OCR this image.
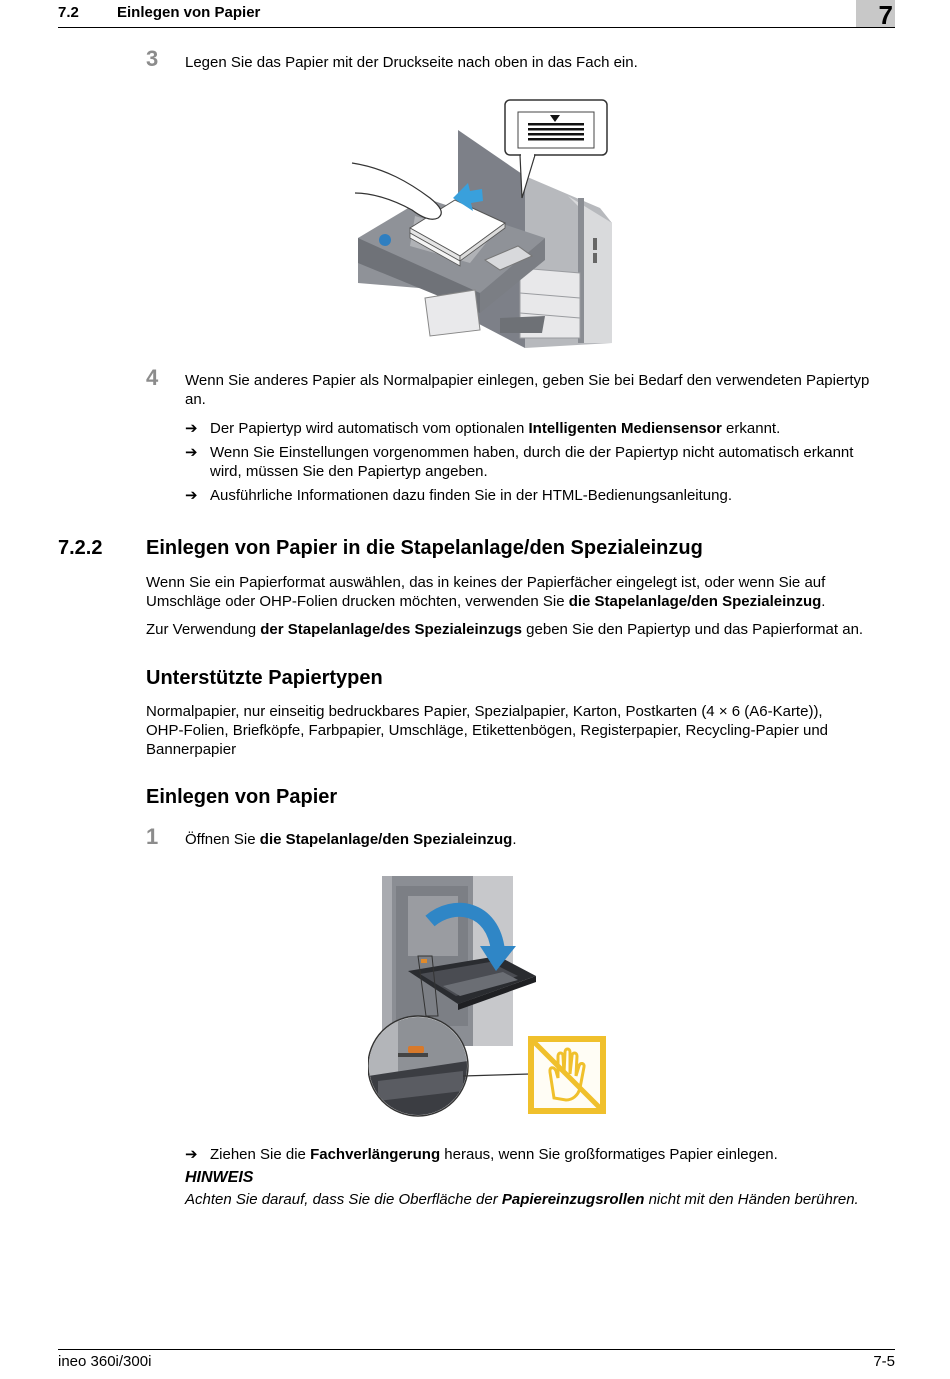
7.2	Einlegen von Papier	7
3 Legen Sie das Papier mit der Druckseite nach oben in das Fach ein.
4 Wenn Sie anderes Papier als Normalpapier einlegen, geben Sie bei Bedarf den verwendeten Papiertyp
an.
➔ Der Papiertyp wird automatisch vom optionalen Intelligenten Mediensensor erkannt.
➔ Wenn Sie Einstellungen vorgenommen haben, durch die der Papiertyp nicht automatisch erkannt
wird, müssen Sie den Papiertyp angeben.
➔ Ausführliche Informationen dazu finden Sie in der HTML-Bedienungsanleitung.
7.2.2 Einlegen von Papier in die Stapelanlage/den Spezialeinzug
Wenn Sie ein Papierformat auswählen, das in keines der Papierfächer eingelegt ist, oder wenn Sie auf
Umschläge oder OHP-Folien drucken möchten, verwenden Sie die Stapelanlage/den Spezialeinzug.
Zur Verwendung der Stapelanlage/des Spezialeinzugs geben Sie den Papiertyp und das Papierformat an.
Unterstützte Papiertypen
Normalpapier, nur einseitig bedruckbares Papier, Spezialpapier, Karton, Postkarten (4 × 6 (A6-Karte)),
OHP-Folien, Briefköpfe, Farbpapier, Umschläge, Etikettenbögen, Registerpapier, Recycling-Papier und
Bannerpapier
Einlegen von Papier
1 Öffnen Sie die Stapelanlage/den Spezialeinzug.
➔ Ziehen Sie die Fachverlängerung heraus, wenn Sie großformatiges Papier einlegen.
HINWEIS
Achten Sie darauf, dass Sie die Oberfläche der Papiereinzugsrollen nicht mit den Händen berühren.
ineo 360i/300i	7-5
